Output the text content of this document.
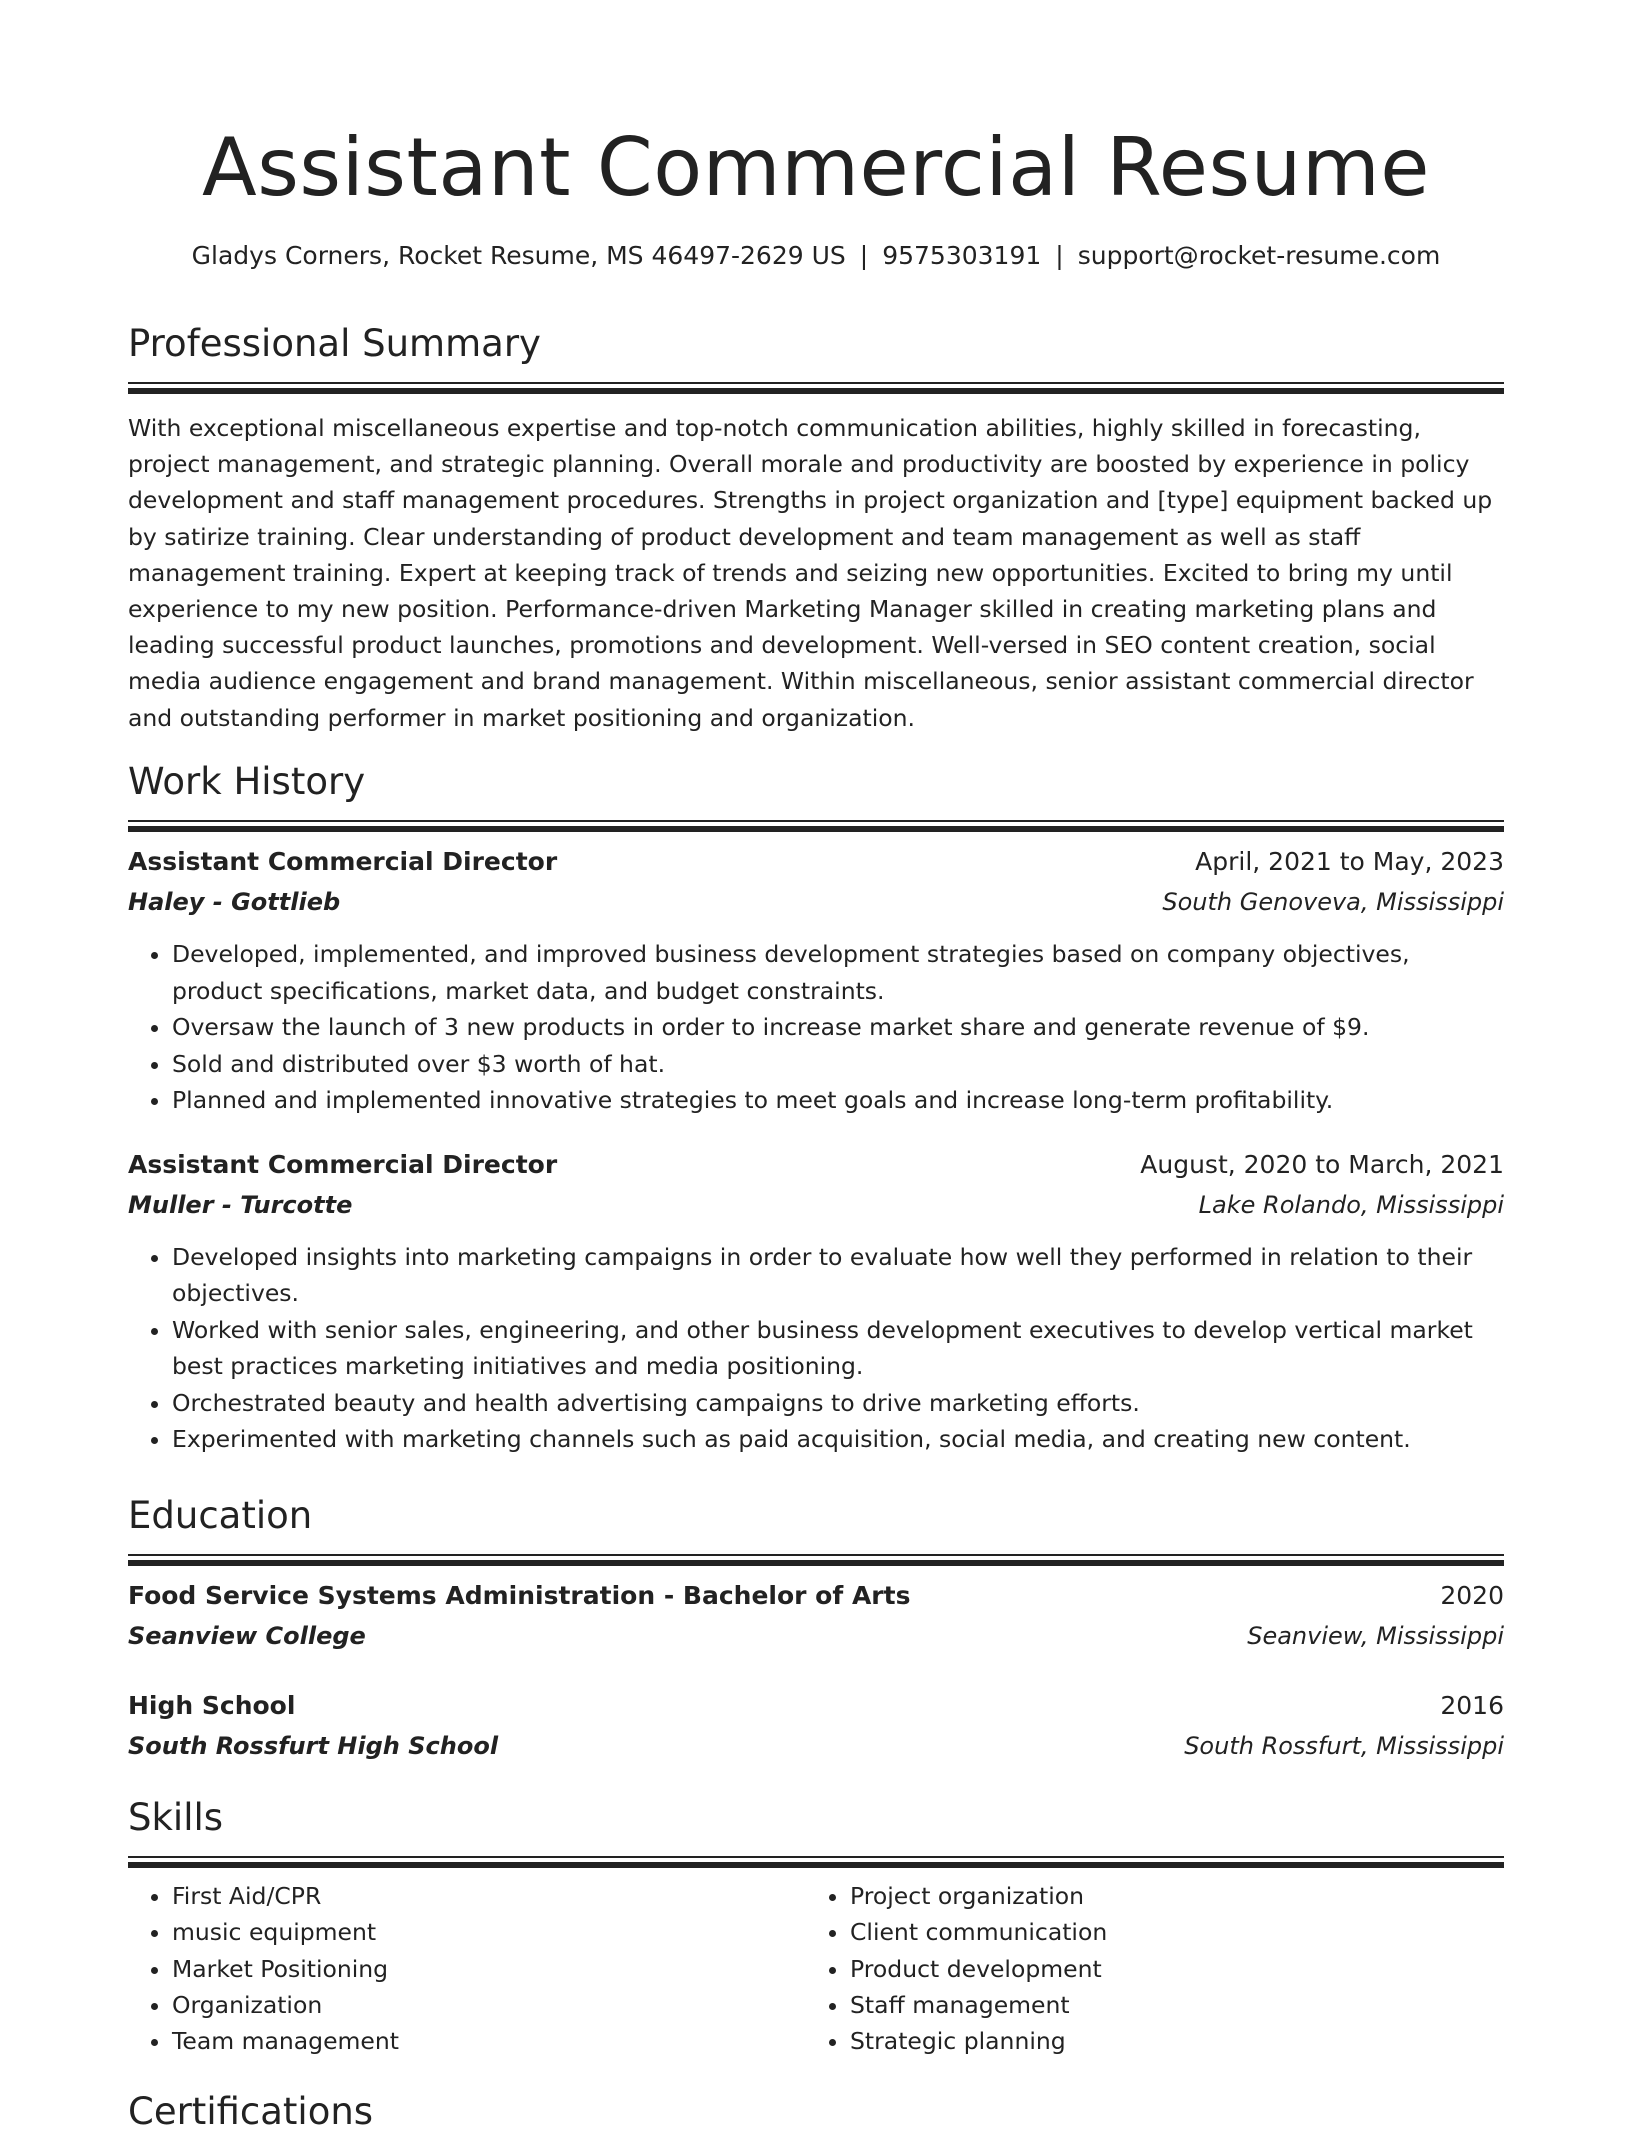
Assistant Commercial Resume
Gladys Corners, Rocket Resume, MS 46497-2629 US | 9575303191 | support@rocket-resume.com
Professional Summary

With exceptional miscellaneous expertise and top-notch communication abilities, highly skilled in forecasting, project management, and strategic planning. Overall morale and productivity are boosted by experience in policy development and staff management procedures. Strengths in project organization and [type] equipment backed up by satirize training. Clear understanding of product development and team management as well as staff management training. Expert at keeping track of trends and seizing new opportunities. Excited to bring my until experience to my new position. Performance-driven Marketing Manager skilled in creating marketing plans and leading successful product launches, promotions and development. Well-versed in SEO content creation, social media audience engagement and brand management. Within miscellaneous, senior assistant commercial director and outstanding performer in market positioning and organization.

Work History
Assistant Commercial Director	April, 2021 to May, 2023
Haley - Gottlieb	South Genoveva, Mississippi
• Developed, implemented, and improved business development strategies based on company objectives, product specifications, market data, and budget constraints.
• Oversaw the launch of 3 new products in order to increase market share and generate revenue of $9.
• Sold and distributed over $3 worth of hat.
• Planned and implemented innovative strategies to meet goals and increase long-term profitability.
Assistant Commercial Director	August, 2020 to March, 2021
Muller - Turcotte	Lake Rolando, Mississippi
• Developed insights into marketing campaigns in order to evaluate how well they performed in relation to their objectives.
• Worked with senior sales, engineering, and other business development executives to develop vertical market best practices marketing initiatives and media positioning.
• Orchestrated beauty and health advertising campaigns to drive marketing efforts.
• Experimented with marketing channels such as paid acquisition, social media, and creating new content.
Education
Food Service Systems Administration - Bachelor of Arts	2020
Seanview College	Seanview, Mississippi
High School	2016
South Rossfurt High School	South Rossfurt, Mississippi
Skills
• First Aid/CPR
• music equipment
• Market Positioning
• Organization
• Team management
• Project organization
• Client communication
• Product development
• Staff management
• Strategic planning
Certifications
